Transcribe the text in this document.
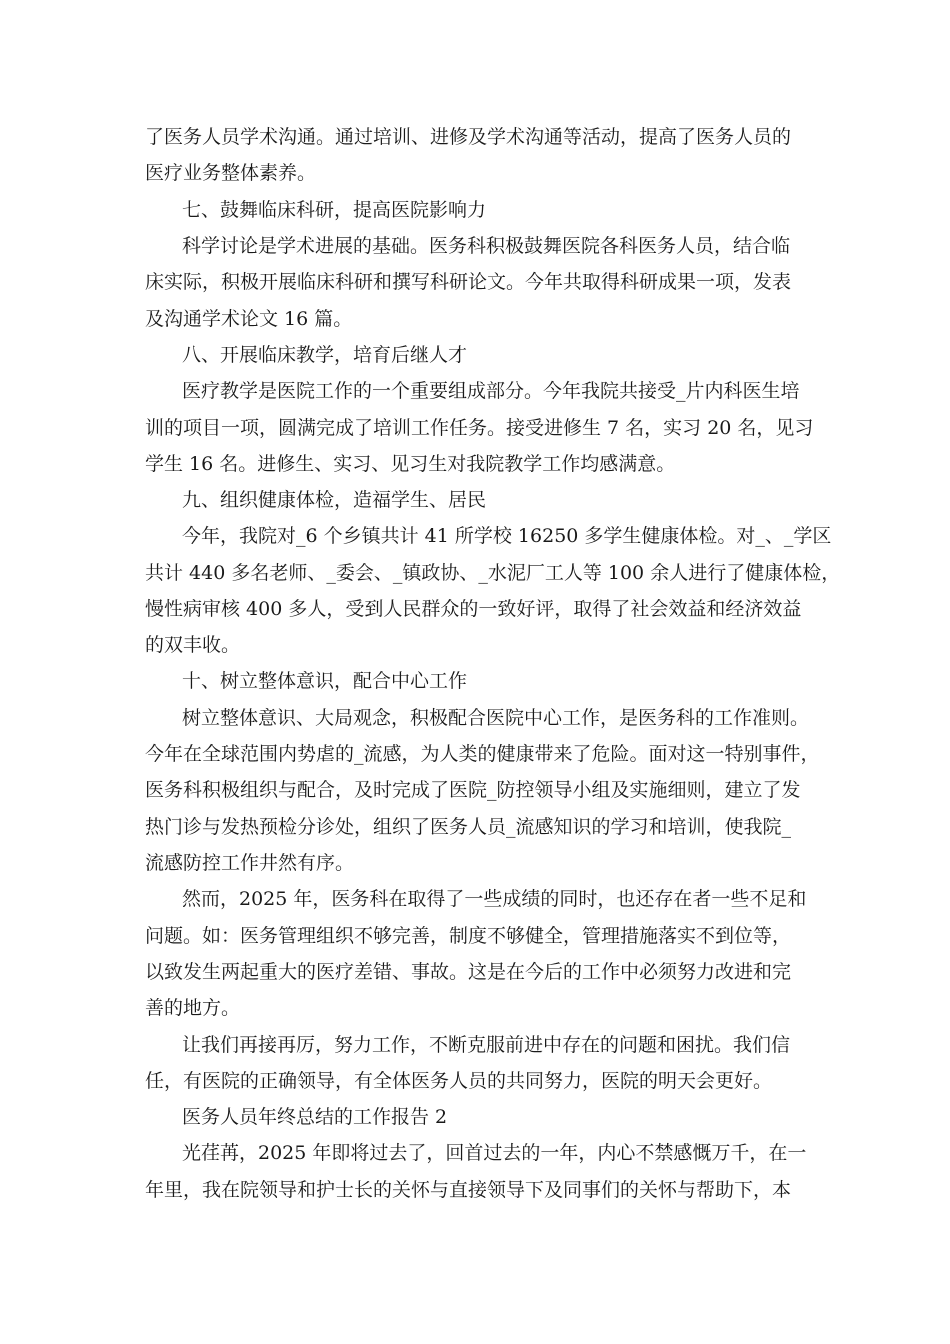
了医务人员学术沟通。通过培训、进修及学术沟通等活动，提高了医务人员的
医疗业务整体素养。
七、鼓舞临床科研，提高医院影响力
科学讨论是学术进展的基础。医务科积极鼓舞医院各科医务人员，结合临
床实际，积极开展临床科研和撰写科研论文。今年共取得科研成果一项，发表
及沟通学术论文 16 篇。
八、开展临床教学，培育后继人才
医疗教学是医院工作的一个重要组成部分。今年我院共接受_片内科医生培
训的项目一项，圆满完成了培训工作任务。接受进修生 7 名，实习 20 名，见习
学生 16 名。进修生、实习、见习生对我院教学工作均感满意。
九、组织健康体检，造福学生、居民
今年，我院对_6 个乡镇共计 41 所学校 16250 多学生健康体检。对_、_学区
共计 440 多名老师、_委会、_镇政协、_水泥厂工人等 100 余人进行了健康体检，
慢性病审核 400 多人，受到人民群众的一致好评，取得了社会效益和经济效益
的双丰收。
十、树立整体意识，配合中心工作
树立整体意识、大局观念，积极配合医院中心工作，是医务科的工作准则。
今年在全球范围内势虐的_流感，为人类的健康带来了危险。面对这一特别事件，
医务科积极组织与配合，及时完成了医院_防控领导小组及实施细则，建立了发
热门诊与发热预检分诊处，组织了医务人员_流感知识的学习和培训，使我院_
流感防控工作井然有序。
然而，2025 年，医务科在取得了一些成绩的同时，也还存在者一些不足和
问题。如：医务管理组织不够完善，制度不够健全，管理措施落实不到位等，
以致发生两起重大的医疗差错、事故。这是在今后的工作中必须努力改进和完
善的地方。
让我们再接再厉，努力工作，不断克服前进中存在的问题和困扰。我们信
任，有医院的正确领导，有全体医务人员的共同努力，医院的明天会更好。
医务人员年终总结的工作报告 2
光荏苒，2025 年即将过去了，回首过去的一年，内心不禁感慨万千，在一
年里，我在院领导和护士长的关怀与直接领导下及同事们的关怀与帮助下，本
